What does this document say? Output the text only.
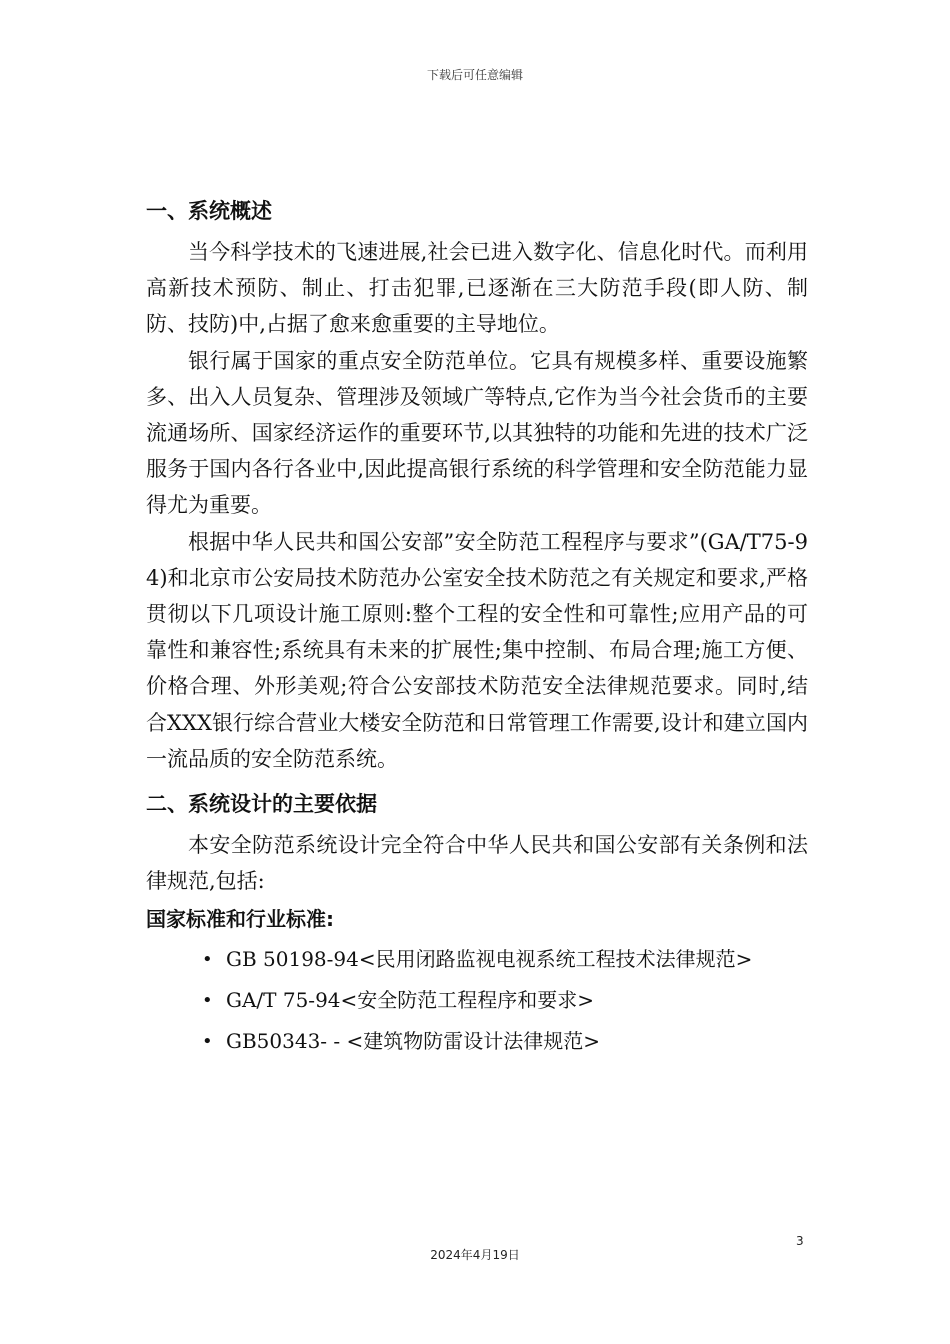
下载后可任意编辑
一、系统概述

当今科学技术的飞速进展,社会已进入数字化、信息化时代。而利用高新技术预防、制止、打击犯罪,已逐渐在三大防范手段(即人防、制防、技防)中,占据了愈来愈重要的主导地位。

银行属于国家的重点安全防范单位。它具有规模多样、重要设施繁多、出入人员复杂、管理涉及领域广等特点,它作为当今社会货币的主要流通场所、国家经济运作的重要环节,以其独特的功能和先进的技术广泛服务于国内各行各业中,因此提高银行系统的科学管理和安全防范能力显得尤为重要。

根据中华人民共和国公安部”安全防范工程程序与要求”(GA/T75-94)和北京市公安局技术防范办公室安全技术防范之有关规定和要求,严格贯彻以下几项设计施工原则:整个工程的安全性和可靠性;应用产品的可靠性和兼容性;系统具有未来的扩展性;集中控制、布局合理;施工方便、价格合理、外形美观;符合公安部技术防范安全法律规范要求。同时,结合XXX银行综合营业大楼安全防范和日常管理工作需要,设计和建立国内一流品质的安全防范系统。

二、系统设计的主要依据

本安全防范系统设计完全符合中华人民共和国公安部有关条例和法律规范,包括:

国家标准和行业标准:
• GB 50198-94<民用闭路监视电视系统工程技术法律规范>
• GA/T 75-94<安全防范工程程序和要求>
• GB50343- - <建筑物防雷设计法律规范>
3
2024年4月19日
